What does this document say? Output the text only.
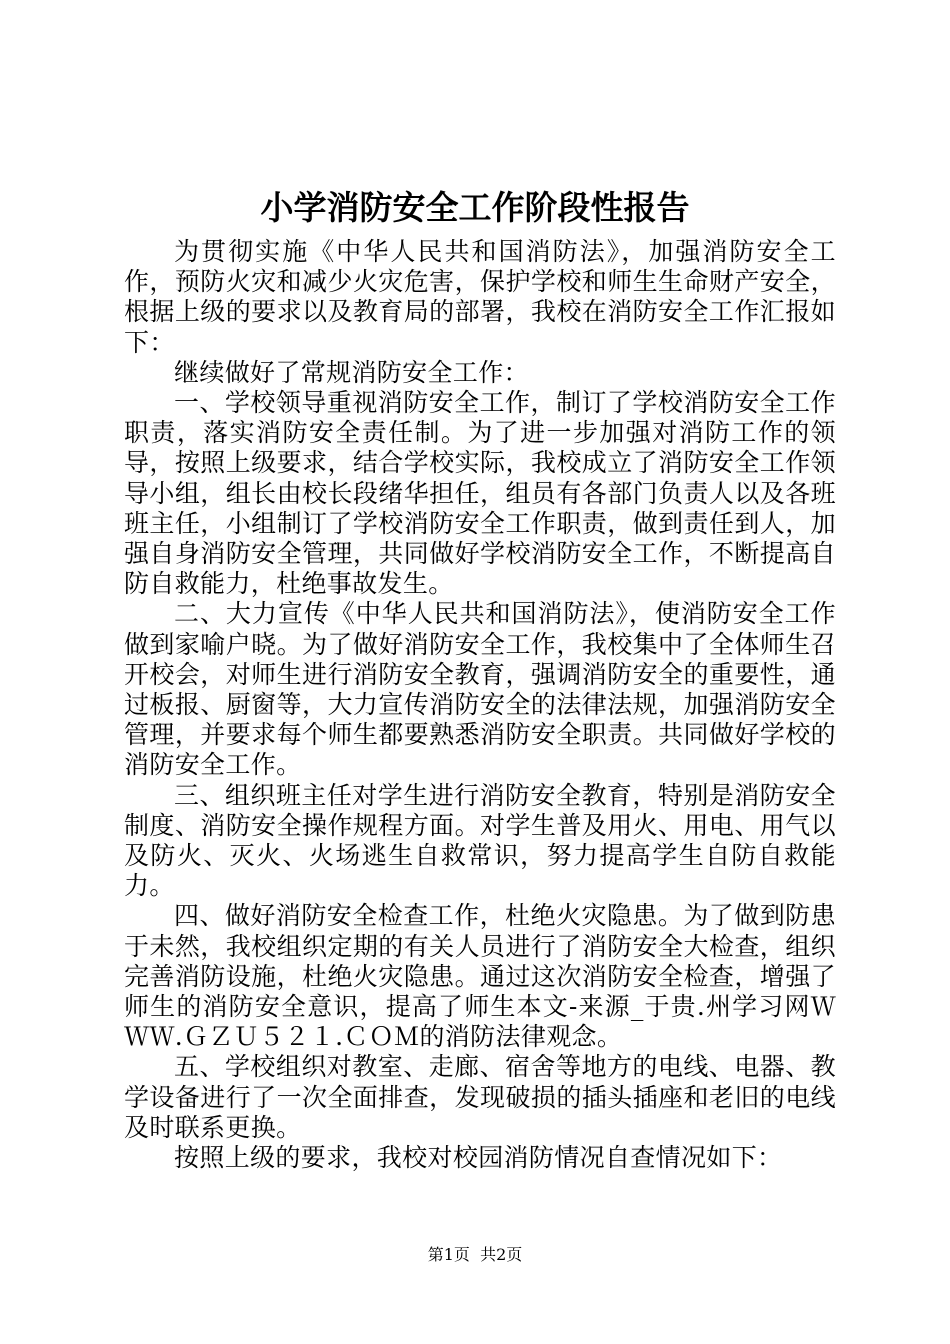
小学消防安全工作阶段性报告

为贯彻实施《中华人民共和国消防法》，加强消防安全工作，预防火灾和减少火灾危害，保护学校和师生生命财产安全，根据上级的要求以及教育局的部署，我校在消防安全工作汇报如下：

继续做好了常规消防安全工作：

一、学校领导重视消防安全工作，制订了学校消防安全工作职责，落实消防安全责任制。为了进一步加强对消防工作的领导，按照上级要求，结合学校实际，我校成立了消防安全工作领导小组，组长由校长段绪华担任，组员有各部门负责人以及各班班主任，小组制订了学校消防安全工作职责，做到责任到人，加强自身消防安全管理，共同做好学校消防安全工作，不断提高自防自救能力，杜绝事故发生。

二、大力宣传《中华人民共和国消防法》，使消防安全工作做到家喻户晓。为了做好消防安全工作，我校集中了全体师生召开校会，对师生进行消防安全教育，强调消防安全的重要性，通过板报、厨窗等，大力宣传消防安全的法律法规，加强消防安全管理，并要求每个师生都要熟悉消防安全职责。共同做好学校的消防安全工作。

三、组织班主任对学生进行消防安全教育，特别是消防安全制度、消防安全操作规程方面。对学生普及用火、用电、用气以及防火、灭火、火场逃生自救常识，努力提高学生自防自救能力。

四、做好消防安全检查工作，杜绝火灾隐患。为了做到防患于未然，我校组织定期的有关人员进行了消防安全大检查，组织完善消防设施，杜绝火灾隐患。通过这次消防安全检查，增强了师生的消防安全意识，提高了师生本文-来源_于贵.州学习网ＷＷＷ.ＧＺＵ５２１.ＣＯＭ的消防法律观念。

五、学校组织对教室、走廊、宿舍等地方的电线、电器、教学设备进行了一次全面排查，发现破损的插头插座和老旧的电线及时联系更换。

按照上级的要求，我校对校园消防情况自查情况如下：

第1页  共2页
